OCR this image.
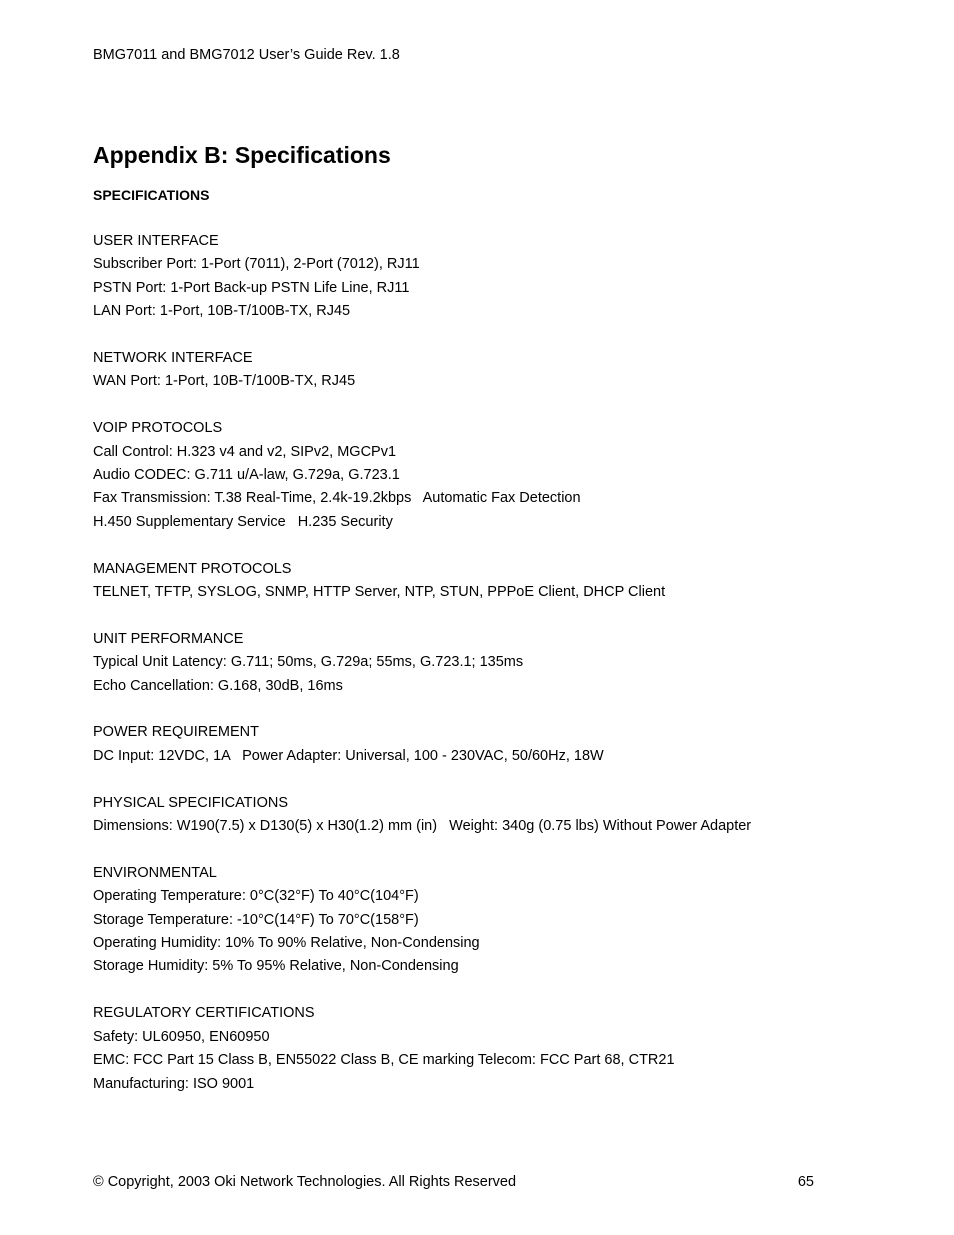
BMG7011 and BMG7012 User’s Guide Rev. 1.8
Appendix B: Specifications
SPECIFICATIONS
USER INTERFACE
Subscriber Port: 1-Port (7011), 2-Port (7012), RJ11
PSTN Port: 1-Port Back-up PSTN Life Line, RJ11
LAN Port: 1-Port, 10B-T/100B-TX, RJ45
NETWORK INTERFACE
WAN Port: 1-Port, 10B-T/100B-TX, RJ45
VOIP PROTOCOLS
Call Control: H.323 v4 and v2, SIPv2, MGCPv1
Audio CODEC: G.711 u/A-law, G.729a, G.723.1
Fax Transmission: T.38 Real-Time, 2.4k-19.2kbps   Automatic Fax Detection
H.450 Supplementary Service   H.235 Security
MANAGEMENT PROTOCOLS
TELNET, TFTP, SYSLOG, SNMP, HTTP Server, NTP, STUN, PPPoE Client, DHCP Client
UNIT PERFORMANCE
Typical Unit Latency: G.711; 50ms, G.729a; 55ms, G.723.1; 135ms
Echo Cancellation: G.168, 30dB, 16ms
POWER REQUIREMENT
DC Input: 12VDC, 1A   Power Adapter: Universal, 100 - 230VAC, 50/60Hz, 18W
PHYSICAL SPECIFICATIONS
Dimensions: W190(7.5) x D130(5) x H30(1.2) mm (in)   Weight: 340g (0.75 lbs) Without Power Adapter
ENVIRONMENTAL
Operating Temperature: 0°C(32°F) To 40°C(104°F)
Storage Temperature: -10°C(14°F) To 70°C(158°F)
Operating Humidity: 10% To 90% Relative, Non-Condensing
Storage Humidity: 5% To 95% Relative, Non-Condensing
REGULATORY CERTIFICATIONS
Safety: UL60950, EN60950
EMC: FCC Part 15 Class B, EN55022 Class B, CE marking Telecom: FCC Part 68, CTR21
Manufacturing: ISO 9001
© Copyright, 2003 Oki Network Technologies. All Rights Reserved	65
